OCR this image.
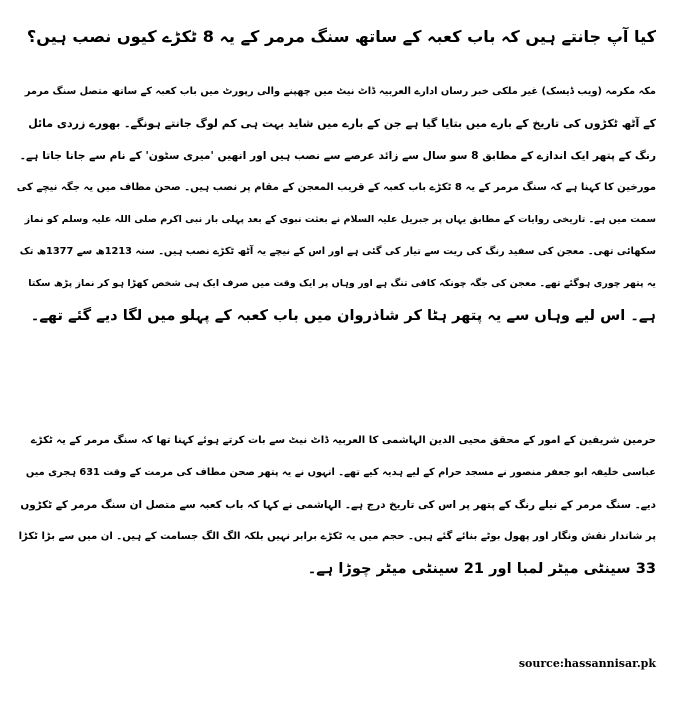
کیا آپ جانتے ہیں کہ باب کعبہ کے ساتھ سنگ مرمر کے یہ 8 ٹکڑے کیوں نصب ہیں؟
مکہ مکرمہ (ویب ڈیسک) غیر ملکی خبر رساں ادارے العربیہ ڈاٹ نیٹ میں چھپنے والی رپورٹ میں باب کعبہ کے ساتھ متصل سنگ مرمر
کے آٹھ ٹکڑوں کی تاریخ کے بارے میں بتایا گیا ہے جن کے بارے میں شاید بہت ہی کم لوگ جانتے ہونگے۔ بھورے زردی مائل
رنگ کے پتھر ایک اندازے کے مطابق 8 سو سال سے زائد عرصے سے نصب ہیں اور انھیں 'میری سٹون' کے نام سے جانا جاتا ہے۔
مورخین کا کہنا ہے کہ سنگ مرمر کے یہ 8 ٹکڑے باب کعبہ کے قریب المعجن کے مقام پر نصب ہیں۔ صحن مطاف میں یہ جگہ نیچے کی
سمت میں ہے۔ تاریخی روایات کے مطابق یہاں پر جبریل علیہ السلام نے بعثت نبوی کے بعد پہلی بار نبی اکرم صلی اللہ علیہ وسلم کو نماز
سکھائی تھی۔ معجن کی سفید رنگ کی ریت سے تیار کی گئی ہے اور اس کے نیچے یہ آٹھ ٹکڑے نصب ہیں۔ سنہ 1213ھ سے 1377ھ تک
یہ پتھر چوری ہوگئے تھے۔ معجن کی جگہ چونکہ کافی تنگ ہے اور وہاں پر ایک وقت میں صرف ایک ہی شخص کھڑا ہو کر نماز پڑھ سکتا
ہے۔ اس لیے وہاں سے یہ پتھر ہٹا کر شاذروان میں باب کعبہ کے پہلو میں لگا دیے گئے تھے۔
حرمین شریفین کے امور کے محقق محیی الدین الہاشمی کا العربیہ ڈاٹ نیٹ سے بات کرتے ہوئے کہنا تھا کہ سنگ مرمر کے یہ ٹکڑے
عباسی خلیفہ ابو جعفر منصور نے مسجد حرام کے لیے ہدیہ کیے تھے۔ انہوں نے یہ پتھر صحن مطاف کی مرمت کے وقت 631 ہجری میں
دیے۔ سنگ مرمر کے نیلے رنگ کے پتھر پر اس کی تاریخ درج ہے۔ الہاشمی نے کہا کہ باب کعبہ سے متصل ان سنگ مرمر کے ٹکڑوں
پر شاندار نقش ونگار اور پھول بوٹے بنائے گئے ہیں۔ حجم میں یہ ٹکڑے برابر نہیں بلکہ الگ الگ جسامت کے ہیں۔ ان میں سے بڑا ٹکڑا
33 سینٹی میٹر لمبا اور 21 سینٹی میٹر چوڑا ہے۔
source:hassannisar.pk
